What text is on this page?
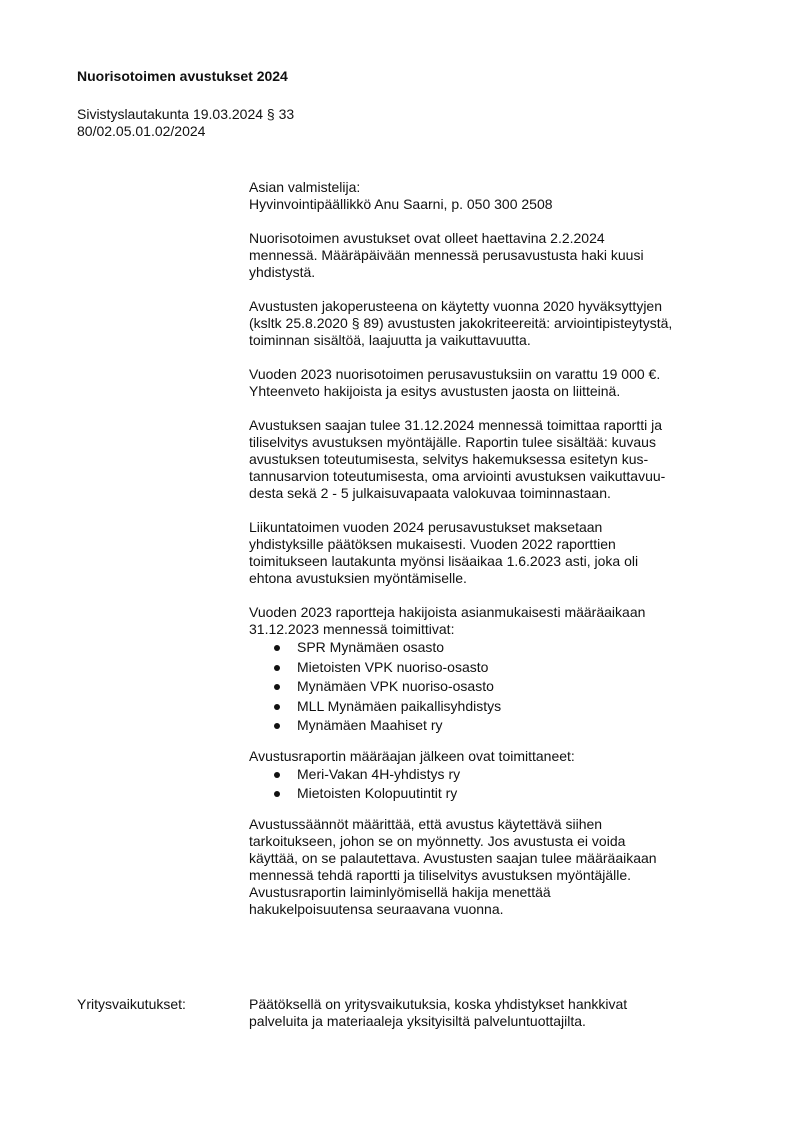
Nuorisotoimen avustukset 2024
Sivistyslautakunta 19.03.2024 § 33
80/02.05.01.02/2024
Asian valmistelija:
Hyvinvointipäällikkö Anu Saarni, p. 050 300 2508
Nuorisotoimen avustukset ovat olleet haettavina 2.2.2024
mennessä. Määräpäivään mennessä perusavustusta haki kuusi
yhdistystä.
Avustusten jakoperusteena on käytetty vuonna 2020 hyväksyttyjen
(ksltk 25.8.2020 § 89) avustusten jakokriteereitä: arviointipisteytystä,
toiminnan sisältöä, laajuutta ja vaikuttavuutta.
Vuoden 2023 nuorisotoimen perusavustuksiin on varattu 19 000 €.
Yhteenveto hakijoista ja esitys avustusten jaosta on liitteinä.
Avustuksen saajan tulee 31.12.2024 mennessä toimittaa raportti ja
tiliselvitys avustuksen myöntäjälle. Raportin tulee sisältää: kuvaus
avustuksen toteutumisesta, selvitys hakemuksessa esitetyn kus-
tannusarvion toteutumisesta, oma arviointi avustuksen vaikuttavuu-
desta sekä 2 - 5 julkaisuvapaata valokuvaa toiminnastaan.
Liikuntatoimen vuoden 2024 perusavustukset maksetaan
yhdistyksille päätöksen mukaisesti. Vuoden 2022 raporttien
toimitukseen lautakunta myönsi lisäaikaa 1.6.2023 asti, joka oli
ehtona avustuksien myöntämiselle.
Vuoden 2023 raportteja hakijoista asianmukaisesti määräaikaan
31.12.2023 mennessä toimittivat:
SPR Mynämäen osasto
Mietoisten VPK nuoriso-osasto
Mynämäen VPK nuoriso-osasto
MLL Mynämäen paikallisyhdistys
Mynämäen Maahiset ry
Avustusraportin määräajan jälkeen ovat toimittaneet:
Meri-Vakan 4H-yhdistys ry
Mietoisten Kolopuutintit ry
Avustussäännöt määrittää, että avustus käytettävä siihen
tarkoitukseen, johon se on myönnetty. Jos avustusta ei voida
käyttää, on se palautettava. Avustusten saajan tulee määräaikaan
mennessä tehdä raportti ja tiliselvitys avustuksen myöntäjälle.
Avustusraportin laiminlyömisellä hakija menettää
hakukelpoisuutensa seuraavana vuonna.
Yritysvaikutukset:	Päätöksellä on yritysvaikutuksia, koska yhdistykset hankkivat
palveluita ja materiaaleja yksityisiltä palveluntuottajilta.
